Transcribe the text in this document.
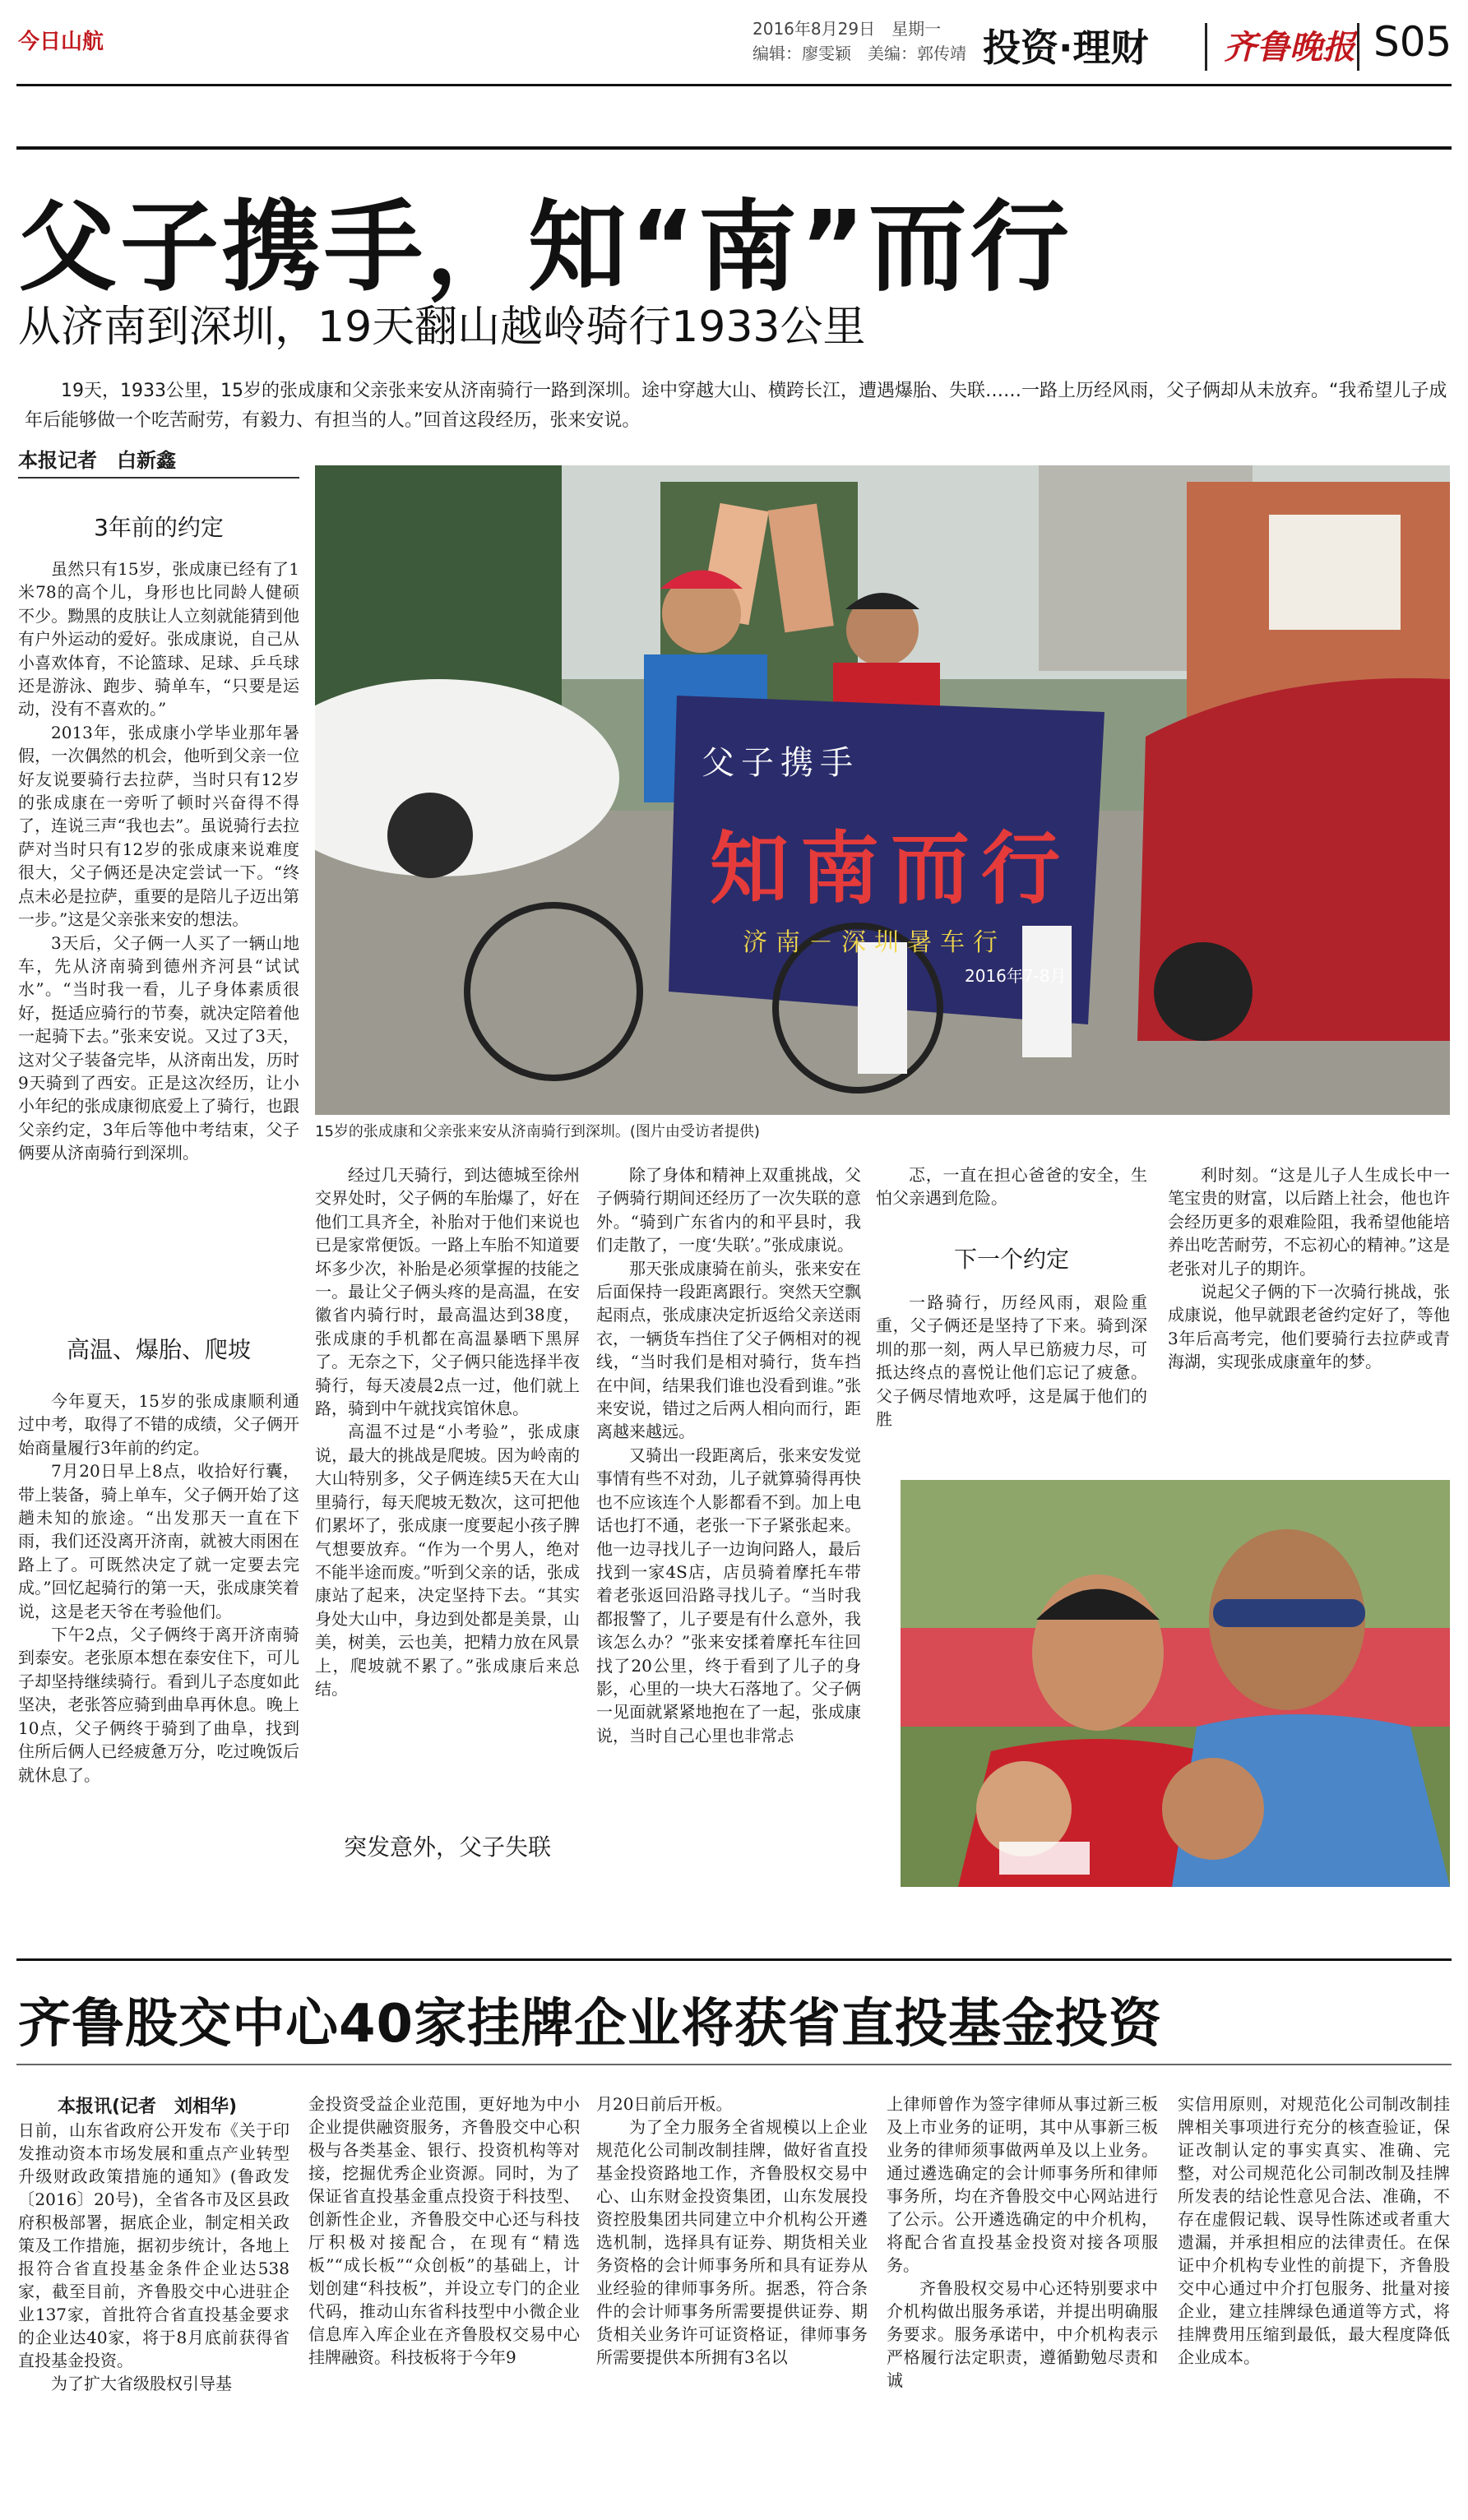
今日山航
2016年8月29日　星期一
编辑：廖雯颖　美编：郭传靖 投资·理财 齐鲁晚报 S05
父子携手，知“南”而行
从济南到深圳，19天翻山越岭骑行1933公里
19天，1933公里，15岁的张成康和父亲张来安从济南骑行一路到深圳。途中穿越大山、横跨长江，遭遇爆胎、失联……一路上历经风雨，父子俩却从未放弃。“我希望儿子成年后能够做一个吃苦耐劳，有毅力、有担当的人。”回首这段经历，张来安说。
本报记者　白新鑫
3年前的约定

虽然只有15岁，张成康已经有了1米78的高个儿，身形也比同龄人健硕不少。黝黑的皮肤让人立刻就能猜到他有户外运动的爱好。张成康说，自己从小喜欢体育，不论篮球、足球、乒乓球还是游泳、跑步、骑单车，“只要是运动，没有不喜欢的。”

2013年，张成康小学毕业那年暑假，一次偶然的机会，他听到父亲一位好友说要骑行去拉萨，当时只有12岁的张成康在一旁听了顿时兴奋得不得了，连说三声“我也去”。虽说骑行去拉萨对当时只有12岁的张成康来说难度很大，父子俩还是决定尝试一下。“终点未必是拉萨，重要的是陪儿子迈出第一步。”这是父亲张来安的想法。

3天后，父子俩一人买了一辆山地车，先从济南骑到德州齐河县“试试水”。“当时我一看，儿子身体素质很好，挺适应骑行的节奏，就决定陪着他一起骑下去。”张来安说。又过了3天，这对父子装备完毕，从济南出发，历时9天骑到了西安。正是这次经历，让小小年纪的张成康彻底爱上了骑行，也跟父亲约定，3年后等他中考结束，父子俩要从济南骑行到深圳。

高温、爆胎、爬坡

今年夏天，15岁的张成康顺利通过中考，取得了不错的成绩，父子俩开始商量履行3年前的约定。

7月20日早上8点，收拾好行囊，带上装备，骑上单车，父子俩开始了这趟未知的旅途。“出发那天一直在下雨，我们还没离开济南，就被大雨困在路上了。可既然决定了就一定要去完成。”回忆起骑行的第一天，张成康笑着说，这是老天爷在考验他们。

下午2点，父子俩终于离开济南骑到泰安。老张原本想在泰安住下，可儿子却坚持继续骑行。看到儿子态度如此坚决，老张答应骑到曲阜再休息。晚上10点，父子俩终于骑到了曲阜，找到住所后俩人已经疲惫万分，吃过晚饭后就休息了。

父子携手
知南而行
济南－深圳暑车行
2016年7-8月
15岁的张成康和父亲张来安从济南骑行到深圳。(图片由受访者提供)

经过几天骑行，到达德城至徐州交界处时，父子俩的车胎爆了，好在他们工具齐全，补胎对于他们来说也已是家常便饭。一路上车胎不知道要坏多少次，补胎是必须掌握的技能之一。最让父子俩头疼的是高温，在安徽省内骑行时，最高温达到38度，张成康的手机都在高温暴晒下黑屏了。无奈之下，父子俩只能选择半夜骑行，每天凌晨2点一过，他们就上路，骑到中午就找宾馆休息。

高温不过是“小考验”，张成康说，最大的挑战是爬坡。因为岭南的大山特别多，父子俩连续5天在大山里骑行，每天爬坡无数次，这可把他们累坏了，张成康一度要起小孩子脾气想要放弃。“作为一个男人，绝对不能半途而废。”听到父亲的话，张成康站了起来，决定坚持下去。“其实身处大山中，身边到处都是美景，山美，树美，云也美，把精力放在风景上，爬坡就不累了。”张成康后来总结。

突发意外，父子失联

除了身体和精神上双重挑战，父子俩骑行期间还经历了一次失联的意外。“骑到广东省内的和平县时，我们走散了，一度‘失联’。”张成康说。

那天张成康骑在前头，张来安在后面保持一段距离跟行。突然天空飘起雨点，张成康决定折返给父亲送雨衣，一辆货车挡住了父子俩相对的视线，“当时我们是相对骑行，货车挡在中间，结果我们谁也没看到谁。”张来安说，错过之后两人相向而行，距离越来越远。

又骑出一段距离后，张来安发觉事情有些不对劲，儿子就算骑得再快也不应该连个人影都看不到。加上电话也打不通，老张一下子紧张起来。他一边寻找儿子一边询问路人，最后找到一家4S店，店员骑着摩托车带着老张返回沿路寻找儿子。“当时我都报警了，儿子要是有什么意外，我该怎么办？”张来安揉着摩托车往回找了20公里，终于看到了儿子的身影，心里的一块大石落地了。父子俩一见面就紧紧地抱在了一起，张成康说，当时自己心里也非常忐

忑，一直在担心爸爸的安全，生怕父亲遇到危险。

下一个约定

一路骑行，历经风雨，艰险重重，父子俩还是坚持了下来。骑到深圳的那一刻，两人早已筋疲力尽，可抵达终点的喜悦让他们忘记了疲惫。父子俩尽情地欢呼，这是属于他们的胜

利时刻。“这是儿子人生成长中一笔宝贵的财富，以后踏上社会，他也许会经历更多的艰难险阻，我希望他能培养出吃苦耐劳，不忘初心的精神。”这是老张对儿子的期许。

说起父子俩的下一次骑行挑战，张成康说，他早就跟老爸约定好了，等他3年后高考完，他们要骑行去拉萨或青海湖，实现张成康童年的梦。

齐鲁股交中心40家挂牌企业将获省直投基金投资
本报讯(记者　刘相华)

日前，山东省政府公开发布《关于印发推动资本市场发展和重点产业转型升级财政政策措施的通知》(鲁政发〔2016〕20号)，全省各市及区县政府积极部署，据底企业，制定相关政策及工作措施，据初步统计，各地上报符合省直投基金条件企业达538家，截至目前，齐鲁股交中心进驻企业137家，首批符合省直投基金要求的企业达40家，将于8月底前获得省直投基金投资。

为了扩大省级股权引导基

金投资受益企业范围，更好地为中小企业提供融资服务，齐鲁股交中心积极与各类基金、银行、投资机构等对接，挖掘优秀企业资源。同时，为了保证省直投基金重点投资于科技型、创新性企业，齐鲁股交中心还与科技厅积极对接配合，在现有“精选板”“成长板”“众创板”的基础上，计划创建“科技板”，并设立专门的企业代码，推动山东省科技型中小微企业信息库入库企业在齐鲁股权交易中心挂牌融资。科技板将于今年9

月20日前后开板。

为了全力服务全省规模以上企业规范化公司制改制挂牌，做好省直投基金投资路地工作，齐鲁股权交易中心、山东财金投资集团，山东发展投资控股集团共同建立中介机构公开遴选机制，选择具有证券、期货相关业务资格的会计师事务所和具有证券从业经验的律师事务所。据悉，符合条件的会计师事务所需要提供证券、期货相关业务许可证资格证，律师事务所需要提供本所拥有3名以

上律师曾作为签字律师从事过新三板及上市业务的证明，其中从事新三板业务的律师须事做两单及以上业务。通过遴选确定的会计师事务所和律师事务所，均在齐鲁股交中心网站进行了公示。公开遴选确定的中介机构，将配合省直投基金投资对接各项服务。

齐鲁股权交易中心还特别要求中介机构做出服务承诺，并提出明确服务要求。服务承诺中，中介机构表示严格履行法定职责，遵循勤勉尽责和诚

实信用原则，对规范化公司制改制挂牌相关事项进行充分的核查验证，保证改制认定的事实真实、准确、完整，对公司规范化公司制改制及挂牌所发表的结论性意见合法、准确，不存在虚假记载、误导性陈述或者重大遗漏，并承担相应的法律责任。在保证中介机构专业性的前提下，齐鲁股交中心通过中介打包服务、批量对接企业，建立挂牌绿色通道等方式，将挂牌费用压缩到最低，最大程度降低企业成本。
